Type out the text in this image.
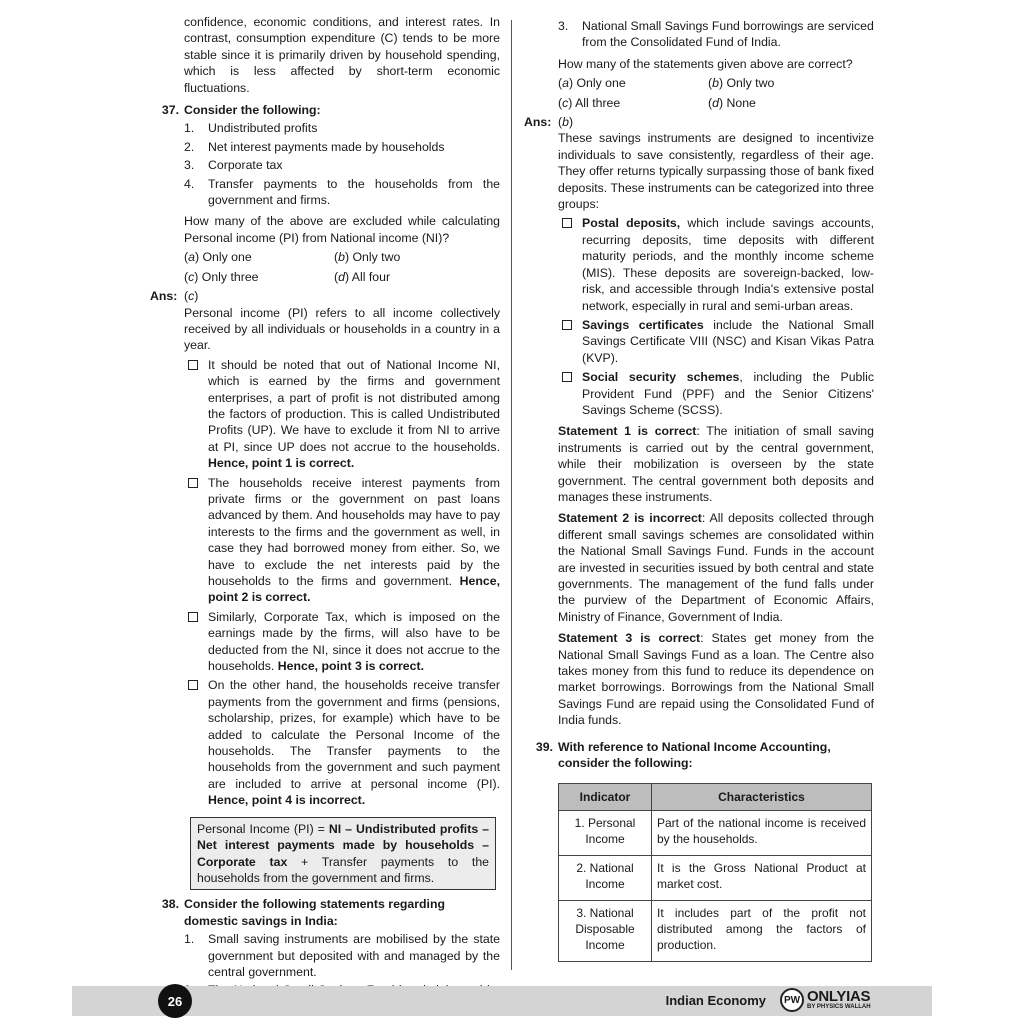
confidence, economic conditions, and interest rates. In contrast, consumption expenditure (C) tends to be more stable since it is primarily driven by household spending, which is less affected by short-term economic fluctuations.

37. Consider the following:
1.	Undistributed profits
2.	Net interest payments made by households
3.	Corporate tax
4.	Transfer payments to the households from the government and firms.

How many of the above are excluded while calculating Personal income (PI) from National income (NI)?

(a) Only one	(b) Only two
(c) Only three	(d) All four
Ans: (c)

Personal income (PI) refers to all income collectively received by all individuals or households in a country in a year.

It should be noted that out of National Income NI, which is earned by the firms and government enterprises, a part of profit is not distributed among the factors of production. This is called Undistributed Profits (UP). We have to exclude it from NI to arrive at PI, since UP does not accrue to the households. Hence, point 1 is correct.
The households receive interest payments from private firms or the government on past loans advanced by them. And households may have to pay interests to the firms and the government as well, in case they had borrowed money from either. So, we have to exclude the net interests paid by the households to the firms and government. Hence, point 2 is correct.
Similarly, Corporate Tax, which is imposed on the earnings made by the firms, will also have to be deducted from the NI, since it does not accrue to the households. Hence, point 3 is correct.
On the other hand, the households receive transfer payments from the government and firms (pensions, scholarship, prizes, for example) which have to be added to calculate the Personal Income of the households. The Transfer payments to the households from the government and such payment are included to arrive at personal income (PI). Hence, point 4 is incorrect.
Personal Income (PI) = NI – Undistributed profits – Net interest payments made by households – Corporate tax + Transfer payments to the households from the government and firms.
38. Consider the following statements regarding domestic savings in India:
1.	Small saving instruments are mobilised by the state government but deposited with and managed by the central government.
3.	National Small Savings Fund borrowings are serviced from the Consolidated Fund of India.

How many of the statements given above are correct?

(a) Only one	(b) Only two
(c) All three	(d) None
Ans: (b)

These savings instruments are designed to incentivize individuals to save consistently, regardless of their age. They offer returns typically surpassing those of bank fixed deposits. These instruments can be categorized into three groups:

Postal deposits, which include savings accounts, recurring deposits, time deposits with different maturity periods, and the monthly income scheme (MIS). These deposits are sovereign-backed, low-risk, and accessible through India's extensive postal network, especially in rural and semi-urban areas.
Savings certificates include the National Small Savings Certificate VIII (NSC) and Kisan Vikas Patra (KVP).
Social security schemes, including the Public Provident Fund (PPF) and the Senior Citizens' Savings Scheme (SCSS).

Statement 1 is correct: The initiation of small saving instruments is carried out by the central government, while their mobilization is overseen by the state government. The central government both deposits and manages these instruments.

Statement 2 is incorrect: All deposits collected through different small savings schemes are consolidated within the National Small Savings Fund. Funds in the account are invested in securities issued by both central and state governments. The management of the fund falls under the purview of the Department of Economic Affairs, Ministry of Finance, Government of India.

Statement 3 is correct: States get money from the National Small Savings Fund as a loan. The Centre also takes money from this fund to reduce its dependence on market borrowings. Borrowings from the National Small Savings Fund are repaid using the Consolidated Fund of India funds.

39. With reference to National Income Accounting, consider the following:
Indicator	Characteristics
1. Personal Income	Part of the national income is received by the households.
2. National Income	It is the Gross National Product at market cost.
3. National Disposable Income	It includes part of the profit not distributed among the factors of production.
26	Indian Economy	PW ONLYIAS
BY PHYSICS WALLAH
